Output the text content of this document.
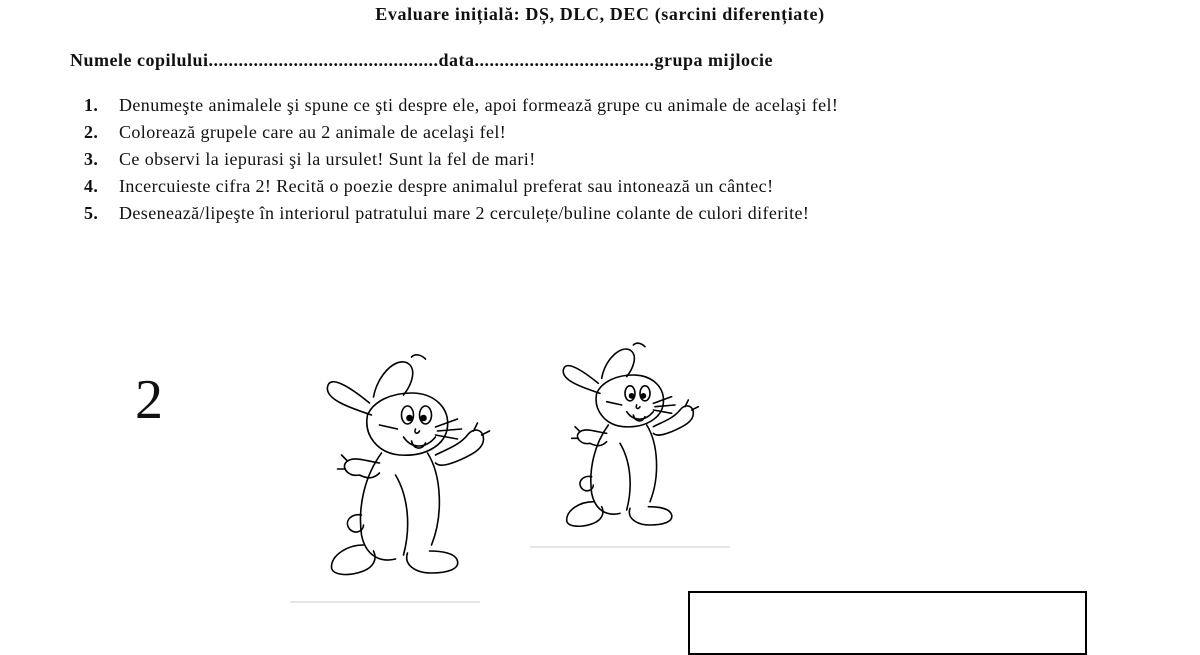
Evaluare inițială: DȘ, DLC, DEC (sarcini diferențiate)
Numele copilului..............................................data....................................grupa mijlocie
1. Denumeşte animalele şi spune ce şti despre ele, apoi formează grupe cu animale de acelaşi fel!
2. Colorează grupele care au 2 animale de acelaşi fel!
3. Ce observi la iepurasi şi la ursulet! Sunt la fel de mari!
4. Incercuieste cifra 2! Recită o poezie despre animalul preferat sau intonează un cântec!
5. Desenează/lipeşte în interiorul patratului mare 2 cerculețe/buline colante de culori diferite!
2
